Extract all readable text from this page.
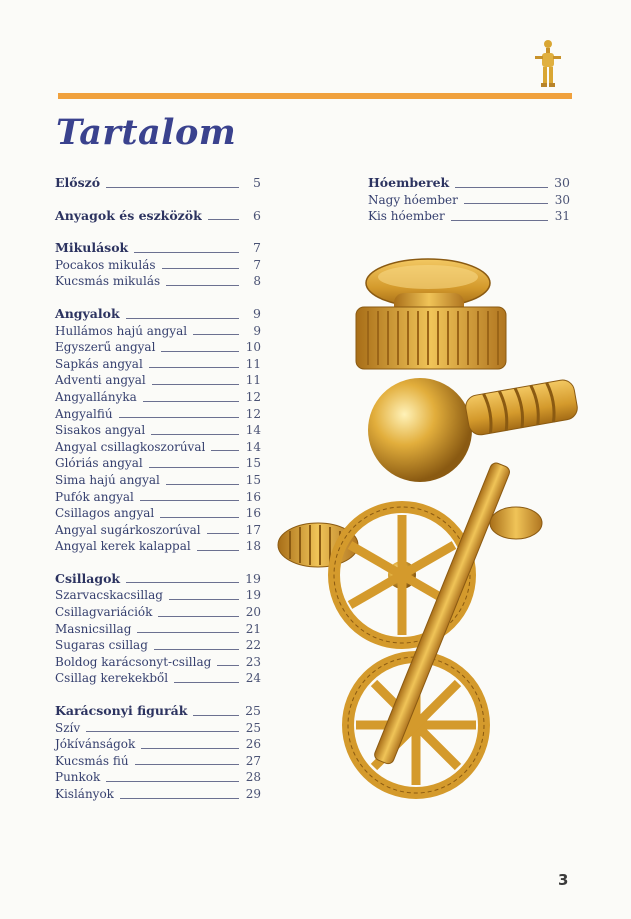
Tartalom
Előszó	5
Anyagok és eszközök	6
Mikulások	7
Pocakos mikulás	7
Kucsmás mikulás	8
Angyalok	9
Hullámos hajú angyal	9
Egyszerű angyal	10
Sapkás angyal	11
Adventi angyal	11
Angyallányka	12
Angyalfiú	12
Sisakos angyal	14
Angyal csillagkoszorúval	14
Glóriás angyal	15
Sima hajú angyal	15
Pufók angyal	16
Csillagos angyal	16
Angyal sugárkoszorúval	17
Angyal kerek kalappal	18
Csillagok	19
Szarvacskacsillag	19
Csillagvariációk	20
Masnicsillag	21
Sugaras csillag	22
Boldog karácsonyt-csillag	23
Csillag kerekekből	24
Karácsonyi figurák	25
Szív	25
Jókívánságok	26
Kucsmás fiú	27
Punkok	28
Kislányok	29
Hóemberek	30
Nagy hóember	30
Kis hóember	31
3
